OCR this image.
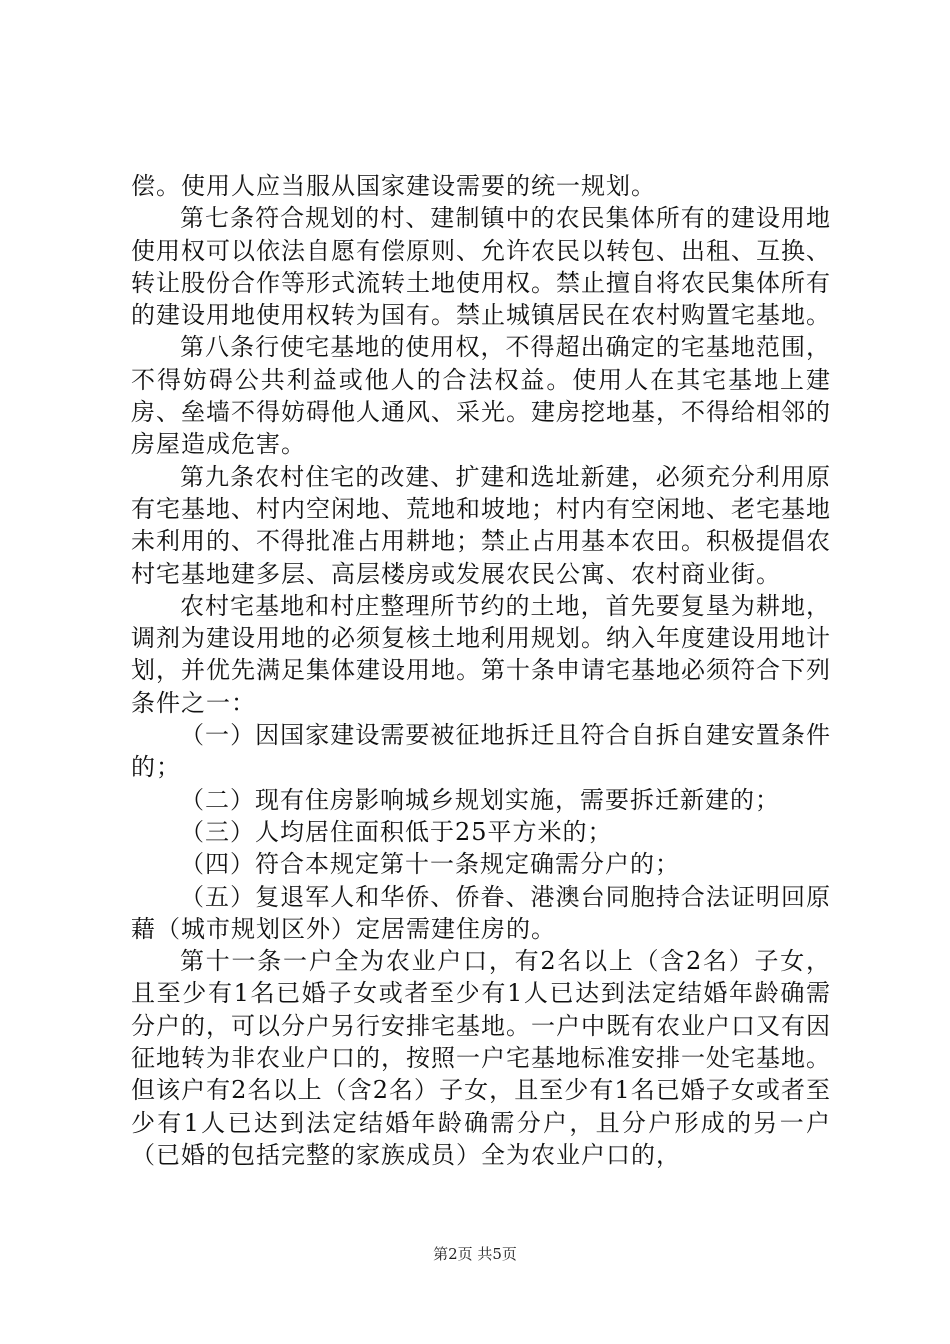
偿。使用人应当服从国家建设需要的统一规划。

第七条符合规划的村、建制镇中的农民集体所有的建设用地使用权可以依法自愿有偿原则、允许农民以转包、出租、互换、转让股份合作等形式流转土地使用权。禁止擅自将农民集体所有的建设用地使用权转为国有。禁止城镇居民在农村购置宅基地。

第八条行使宅基地的使用权，不得超出确定的宅基地范围，不得妨碍公共利益或他人的合法权益。使用人在其宅基地上建房、垒墙不得妨碍他人通风、采光。建房挖地基，不得给相邻的房屋造成危害。

第九条农村住宅的改建、扩建和选址新建，必须充分利用原有宅基地、村内空闲地、荒地和坡地；村内有空闲地、老宅基地未利用的、不得批准占用耕地；禁止占用基本农田。积极提倡农村宅基地建多层、高层楼房或发展农民公寓、农村商业街。

农村宅基地和村庄整理所节约的土地，首先要复垦为耕地，调剂为建设用地的必须复核土地利用规划。纳入年度建设用地计划，并优先满足集体建设用地。第十条申请宅基地必须符合下列条件之一：

（一）因国家建设需要被征地拆迁且符合自拆自建安置条件的；

（二）现有住房影响城乡规划实施，需要拆迁新建的；

（三）人均居住面积低于25平方米的；

（四）符合本规定第十一条规定确需分户的；

（五）复退军人和华侨、侨眷、港澳台同胞持合法证明回原藉（城市规划区外）定居需建住房的。

第十一条一户全为农业户口，有2名以上（含2名）子女，且至少有1名已婚子女或者至少有1人已达到法定结婚年龄确需分户的，可以分户另行安排宅基地。一户中既有农业户口又有因征地转为非农业户口的，按照一户宅基地标准安排一处宅基地。但该户有2名以上（含2名）子女，且至少有1名已婚子女或者至少有1人已达到法定结婚年龄确需分户，且分户形成的另一户（已婚的包括完整的家族成员）全为农业户口的，

第2页 共5页
